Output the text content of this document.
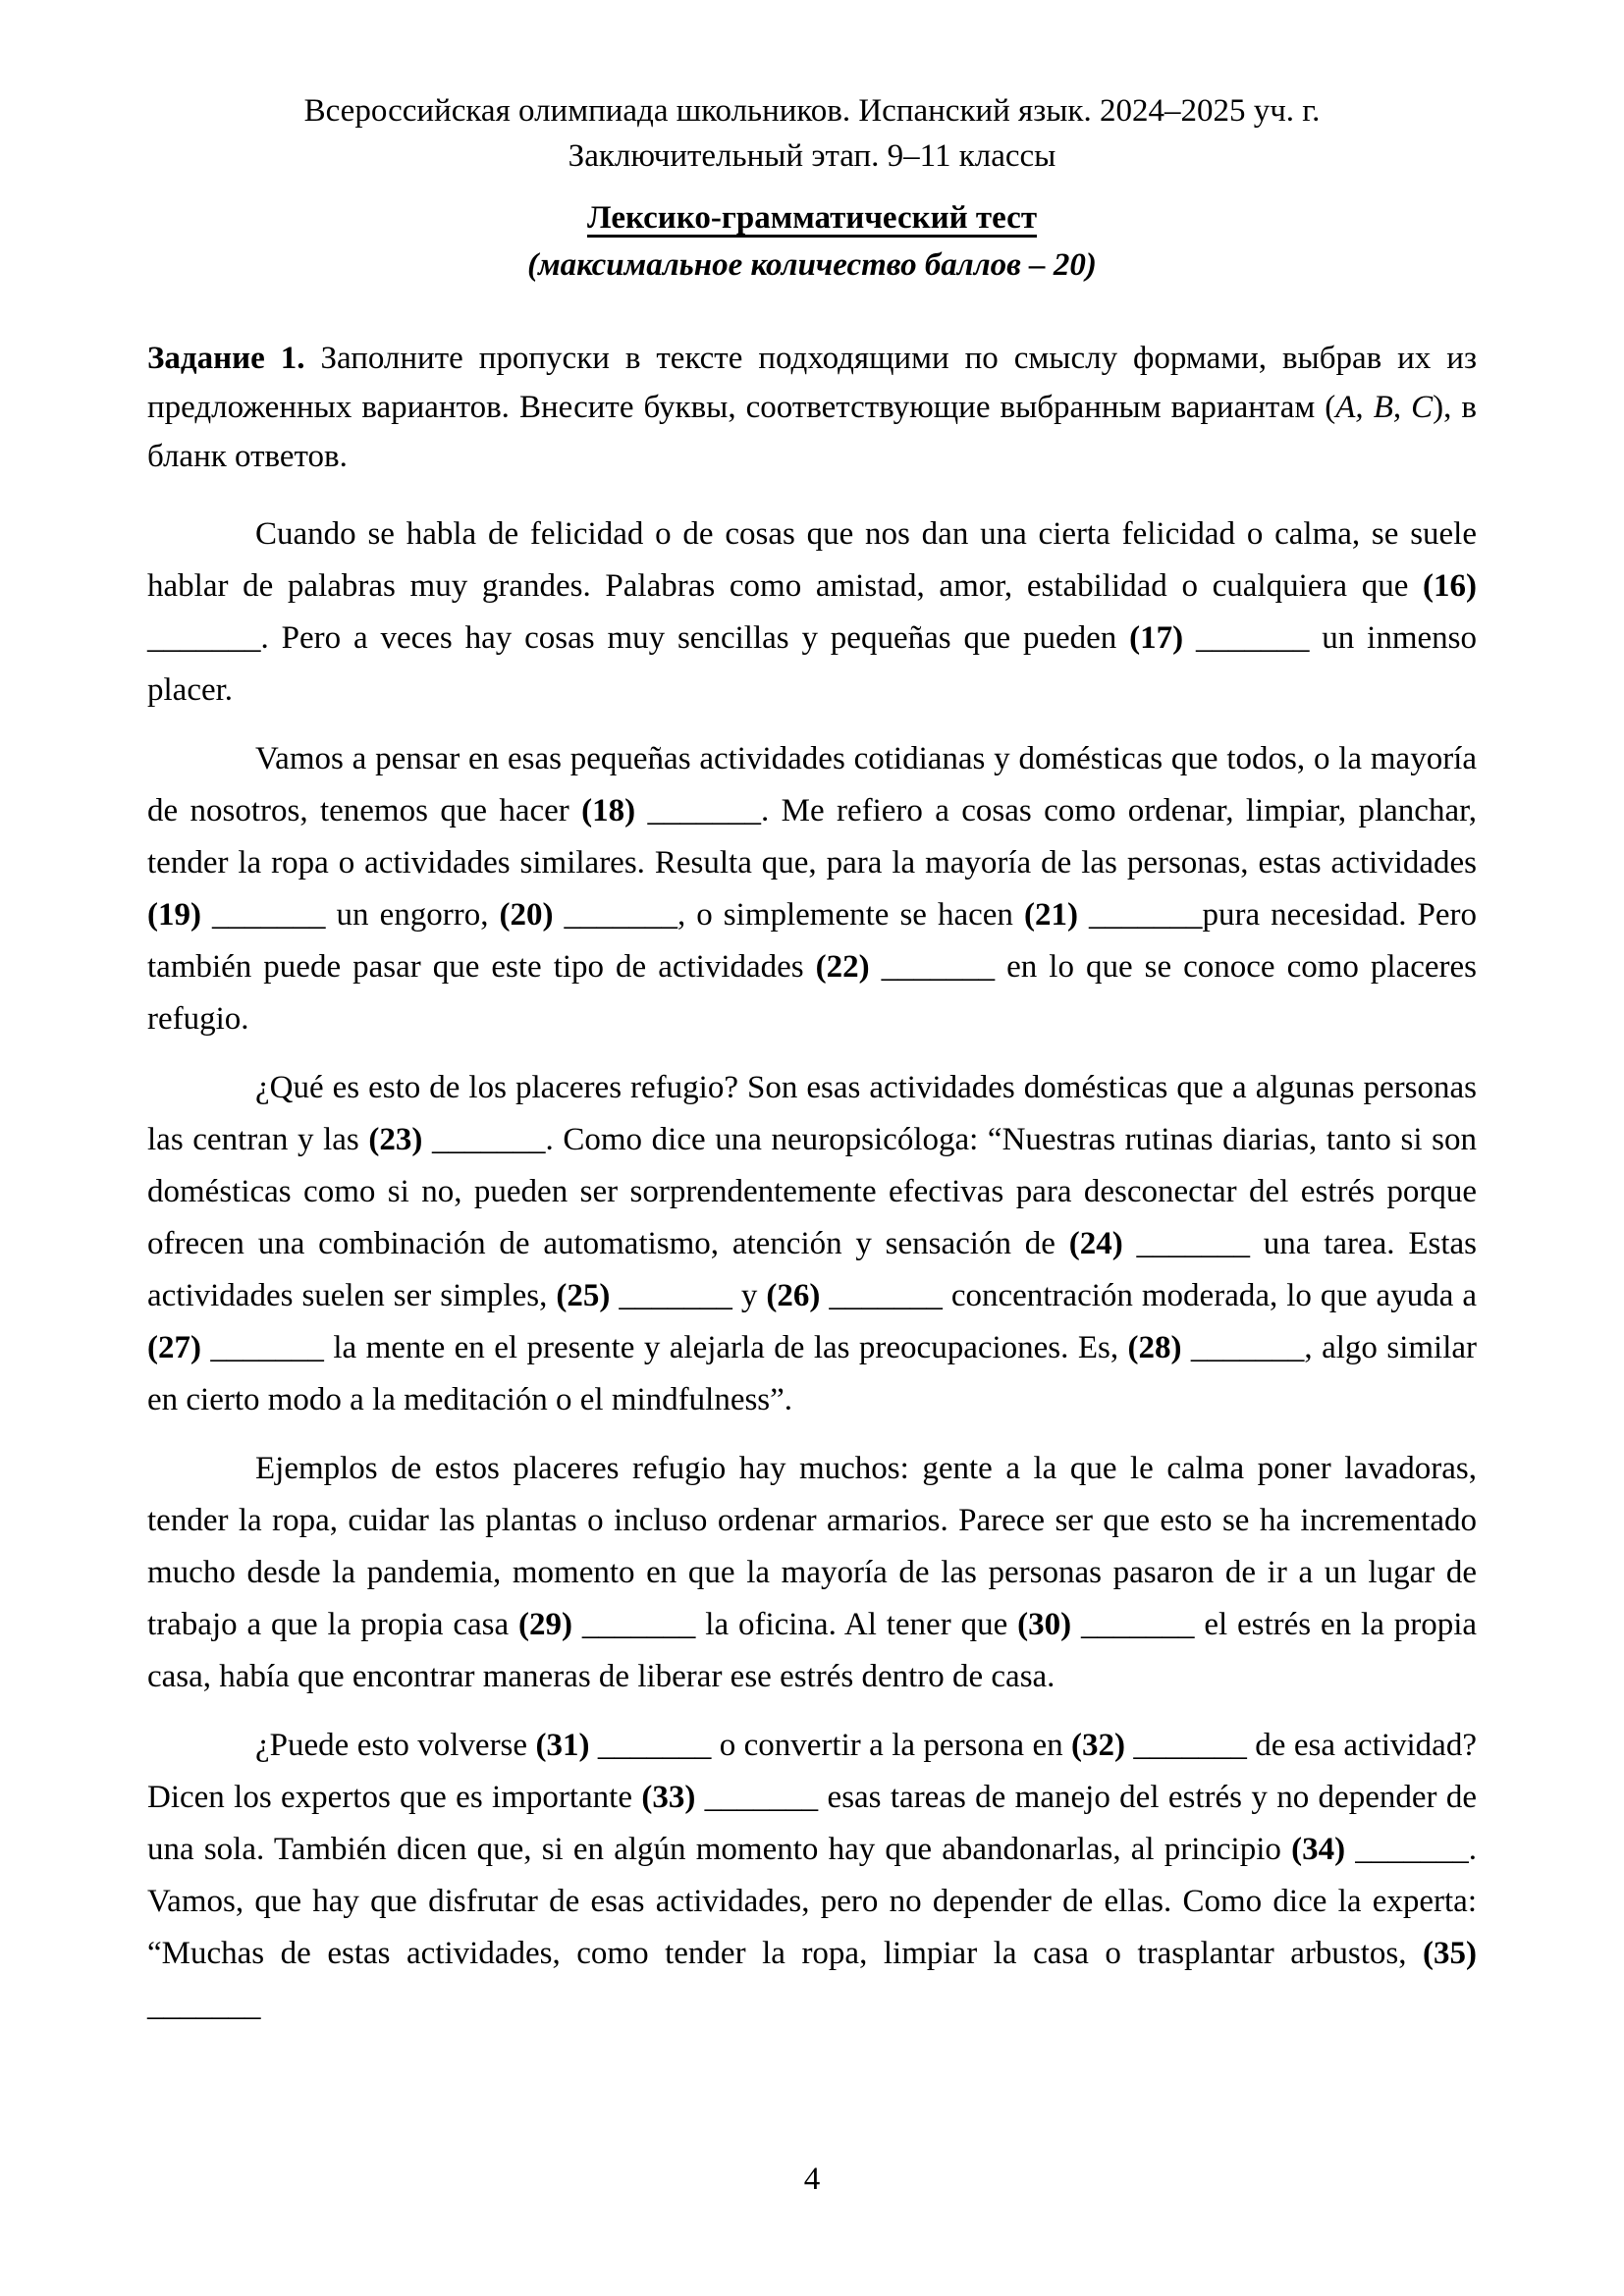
Всероссийская олимпиада школьников. Испанский язык. 2024–2025 уч. г.
Заключительный этап. 9–11 классы
Лексико-грамматический тест
(максимальное количество баллов – 20)

Задание 1. Заполните пропуски в тексте подходящими по смыслу формами, выбрав их из предложенных вариантов. Внесите буквы, соответствующие выбранным вариантам (А, В, С), в бланк ответов.

Cuando se habla de felicidad o de cosas que nos dan una cierta felicidad o calma, se suele hablar de palabras muy grandes. Palabras como amistad, amor, estabilidad o cualquiera que (16) _______. Pero a veces hay cosas muy sencillas y pequeñas que pueden (17) _______ un inmenso placer.

Vamos a pensar en esas pequeñas actividades cotidianas y domésticas que todos, o la mayoría de nosotros, tenemos que hacer (18) _______. Me refiero a cosas como ordenar, limpiar, planchar, tender la ropa o actividades similares. Resulta que, para la mayoría de las personas, estas actividades (19) _______ un engorro, (20) _______, o simplemente se hacen (21) _______pura necesidad. Pero también puede pasar que este tipo de actividades (22) _______ en lo que se conoce como placeres refugio.

¿Qué es esto de los placeres refugio? Son esas actividades domésticas que a algunas personas las centran y las (23) _______. Como dice una neuropsicóloga: “Nuestras rutinas diarias, tanto si son domésticas como si no, pueden ser sorprendentemente efectivas para desconectar del estrés porque ofrecen una combinación de automatismo, atención y sensación de (24) _______ una tarea. Estas actividades suelen ser simples, (25) _______ y (26) _______ concentración moderada, lo que ayuda a (27) _______ la mente en el presente y alejarla de las preocupaciones. Es, (28) _______, algo similar en cierto modo a la meditación o el mindfulness”.

Ejemplos de estos placeres refugio hay muchos: gente a la que le calma poner lavadoras, tender la ropa, cuidar las plantas o incluso ordenar armarios. Parece ser que esto se ha incrementado mucho desde la pandemia, momento en que la mayoría de las personas pasaron de ir a un lugar de trabajo a que la propia casa (29) _______ la oficina. Al tener que (30) _______ el estrés en la propia casa, había que encontrar maneras de liberar ese estrés dentro de casa.

¿Puede esto volverse (31) _______ o convertir a la persona en (32) _______ de esa actividad? Dicen los expertos que es importante (33) _______ esas tareas de manejo del estrés y no depender de una sola. También dicen que, si en algún momento hay que abandonarlas, al principio (34) _______. Vamos, que hay que disfrutar de esas actividades, pero no depender de ellas. Como dice la experta: “Muchas de estas actividades, como tender la ropa, limpiar la casa o trasplantar arbustos, (35) _______

4
